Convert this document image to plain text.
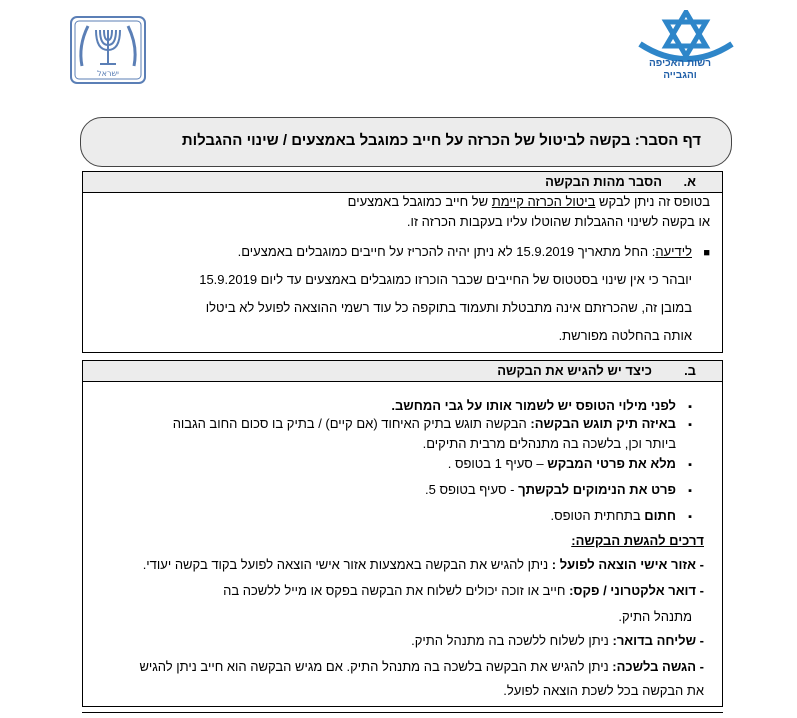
ישראל
רשות האכיפה
והגבייה
דף הסבר: בקשה לביטול של הכרזה על חייב כמוגבל באמצעים / שינוי ההגבלות
א.
הסבר מהות הבקשה
בטופס זה ניתן לבקש ביטול הכרזה קיימת של חייב כמוגבל באמצעים
או בקשה לשינוי ההגבלות שהוטלו עליו בעקבות הכרזה זו.
■
לידיעה: החל מתאריך 15.9.2019 לא ניתן יהיה להכריז על חייבים כמוגבלים באמצעים.
יובהר כי אין שינוי בסטטוס של החייבים שכבר הוכרזו כמוגבלים באמצעים עד ליום 15.9.2019
במובן זה, שהכרזתם אינה מתבטלת ותעמוד בתוקפה כל עוד רשמי ההוצאה לפועל לא ביטלו
אותה בהחלטה מפורשת.
ב.
כיצד יש להגיש את הבקשה
▪
לפני מילוי הטופס יש לשמור אותו על גבי המחשב.
▪
באיזה תיק תוגש הבקשה: הבקשה תוגש בתיק האיחוד (אם קיים) / בתיק בו סכום החוב הגבוה
ביותר וכן, בלשכה בה מתנהלים מרבית התיקים.
▪
מלא את פרטי המבקש – סעיף 1 בטופס .
▪
פרט את הנימוקים לבקשתך - סעיף בטופס 5.
▪
חתום בתחתית הטופס.
דרכים להגשת הבקשה:
- אזור אישי הוצאה לפועל : ניתן להגיש את הבקשה באמצעות אזור אישי הוצאה לפועל בקוד בקשה יעודי.
- דואר אלקטרוני / פקס: חייב או זוכה יכולים לשלוח את הבקשה בפקס או מייל ללשכה בה
מתנהל התיק.
- שליחה בדואר: ניתן לשלוח ללשכה בה מתנהל התיק.
- הגשה בלשכה: ניתן להגיש את הבקשה בלשכה בה מתנהל התיק. אם מגיש הבקשה הוא חייב ניתן להגיש
את הבקשה בכל לשכת הוצאה לפועל.
